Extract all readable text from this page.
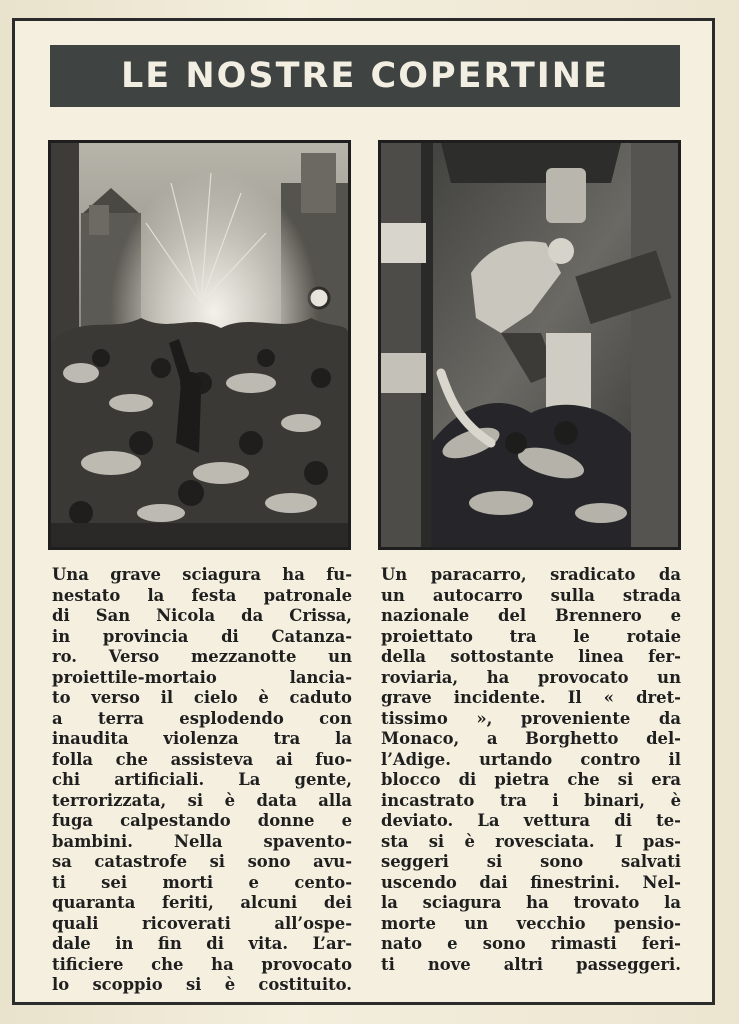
LE NOSTRE COPERTINE
Una grave sciagura ha fu-
nestato la festa patronale
di San Nicola da Crissa,
in provincia di Catanza-
ro. Verso mezzanotte un
proiettile-mortaio lancia-
to verso il cielo è caduto
a terra esplodendo con
inaudita violenza tra la
folla che assisteva ai fuo-
chi artificiali. La gente,
terrorizzata, si è data alla
fuga calpestando donne e
bambini. Nella spavento-
sa catastrofe si sono avu-
ti sei morti e cento-
quaranta feriti, alcuni dei
quali ricoverati all’ospe-
dale in fin di vita. L’ar-
tificiere che ha provocato
lo scoppio si è costituito.
Un paracarro, sradicato da
un autocarro sulla strada
nazionale del Brennero e
proiettato tra le rotaie
della sottostante linea fer-
roviaria, ha provocato un
grave incidente. Il « dret-
tissimo », proveniente da
Monaco, a Borghetto del-
l’Adige. urtando contro il
blocco di pietra che si era
incastrato tra i binari, è
deviato. La vettura di te-
sta si è rovesciata. I pas-
seggeri si sono salvati
uscendo dai finestrini. Nel-
la sciagura ha trovato la
morte un vecchio pensio-
nato e sono rimasti feri-
ti nove altri passeggeri.
